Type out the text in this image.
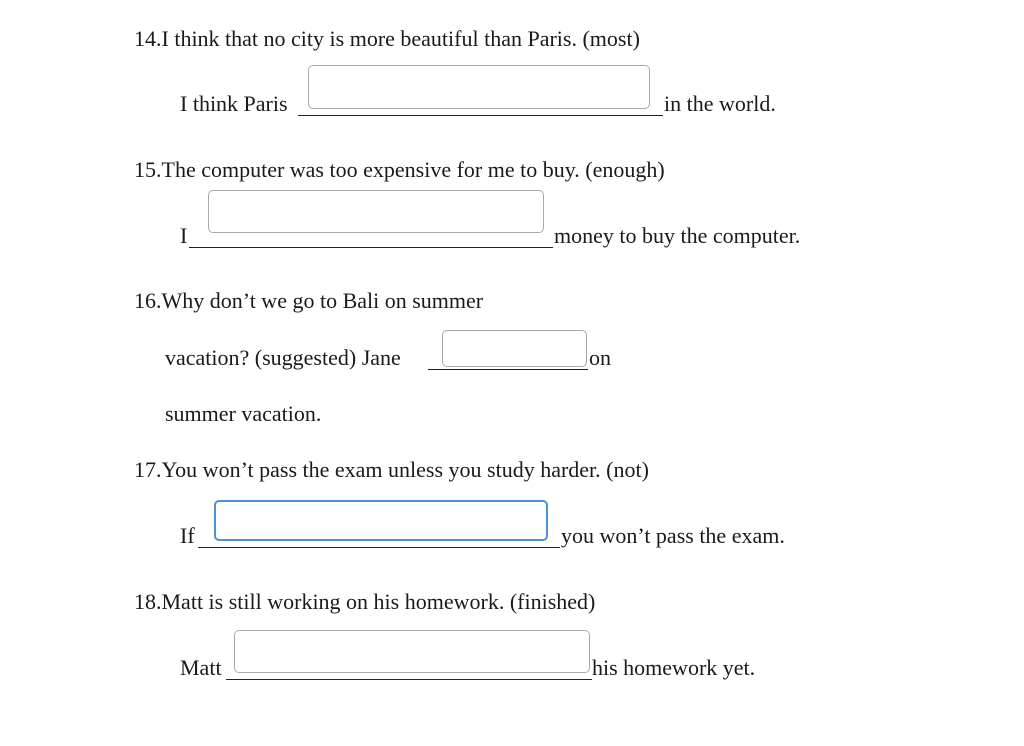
14.I think that no city is more beautiful than Paris. (most)
I think Paris	in the world.
15.The computer was too expensive for me to buy. (enough)
I	money to buy the computer.
16.Why don’t we go to Bali on summer
vacation? (suggested) Jane	on
summer vacation.
17.You won’t pass the exam unless you study harder. (not)
If	you won’t pass the exam.
18.Matt is still working on his homework. (finished)
Matt	his homework yet.
